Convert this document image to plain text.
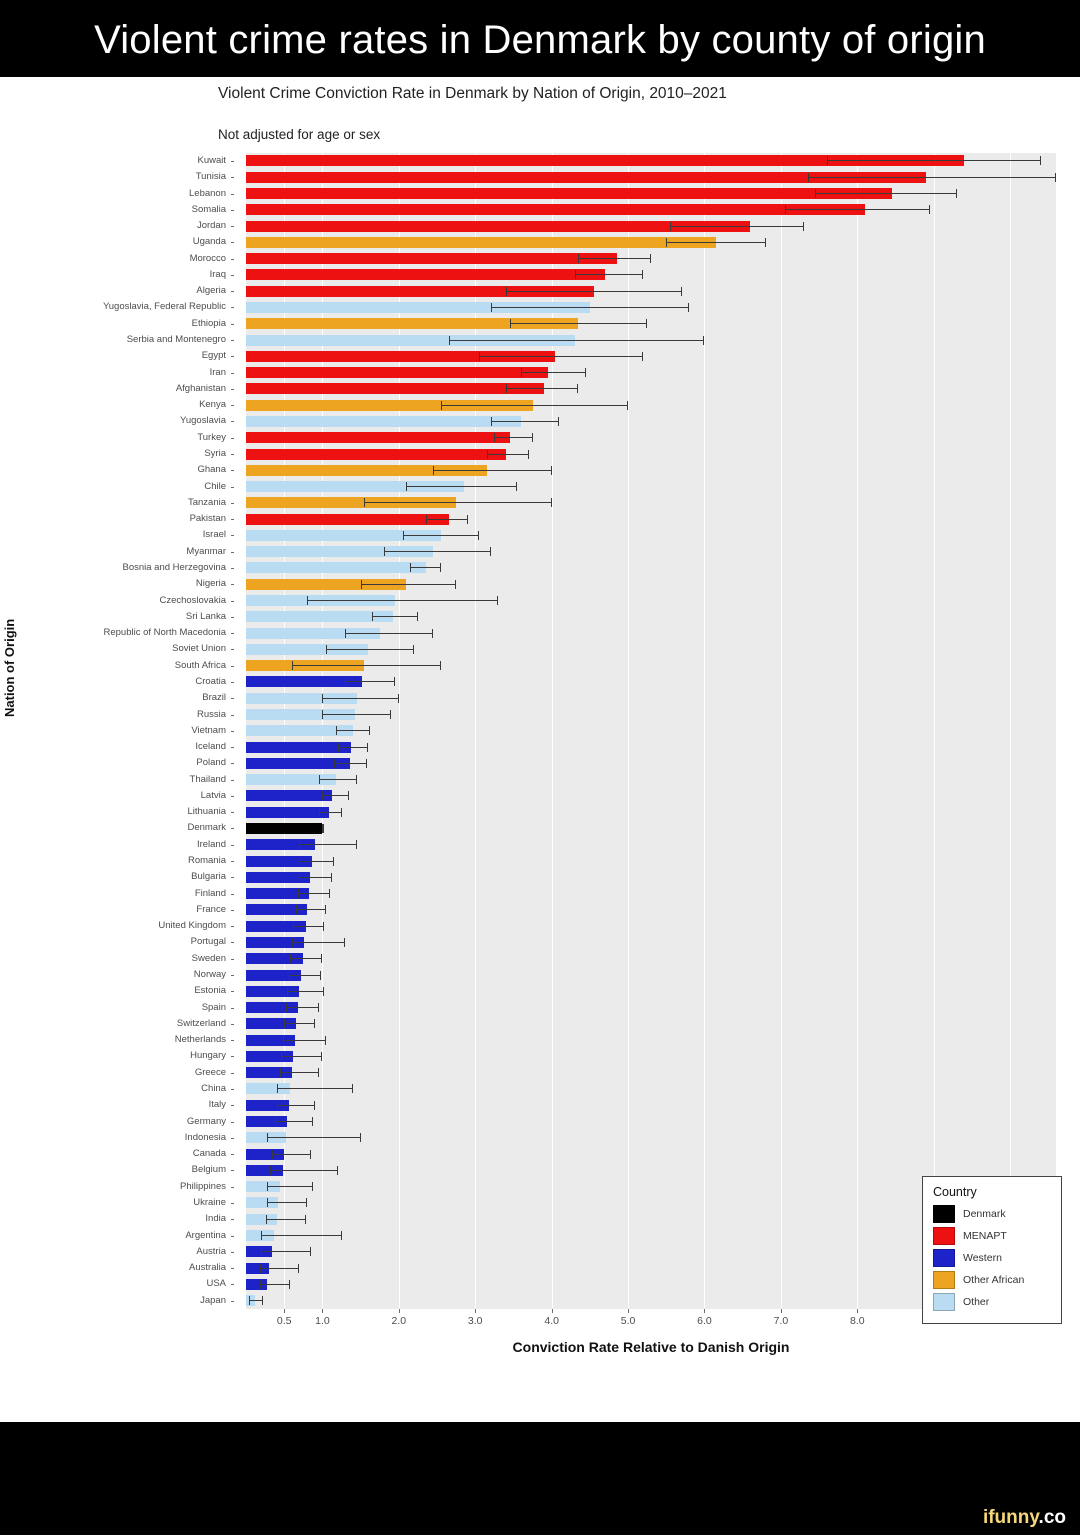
Violent crime rates in Denmark by county of origin
Violent Crime Conviction Rate in Denmark by Nation of Origin, 2010–2021
Not adjusted for age or sex
Nation of Origin
Kuwait
Tunisia
Lebanon
Somalia
Jordan
Uganda
Morocco
Iraq
Algeria
Yugoslavia, Federal Republic
Ethiopia
Serbia and Montenegro
Egypt
Iran
Afghanistan
Kenya
Yugoslavia
Turkey
Syria
Ghana
Chile
Tanzania
Pakistan
Israel
Myanmar
Bosnia and Herzegovina
Nigeria
Czechoslovakia
Sri Lanka
Republic of North Macedonia
Soviet Union
South Africa
Croatia
Brazil
Russia
Vietnam
Iceland
Poland
Thailand
Latvia
Lithuania
Denmark
Ireland
Romania
Bulgaria
Finland
France
United Kingdom
Portugal
Sweden
Norway
Estonia
Spain
Switzerland
Netherlands
Hungary
Greece
China
Italy
Germany
Indonesia
Canada
Belgium
Philippines
Ukraine
India
Argentina
Austria
Australia
USA
Japan
0.5 1.0	2.0	3.0	4.0	5.0	6.0	7.0	8.0
Conviction Rate Relative to Danish Origin
Country
Denmark
MENAPT
Western
Other African
Other
ifunny.co
